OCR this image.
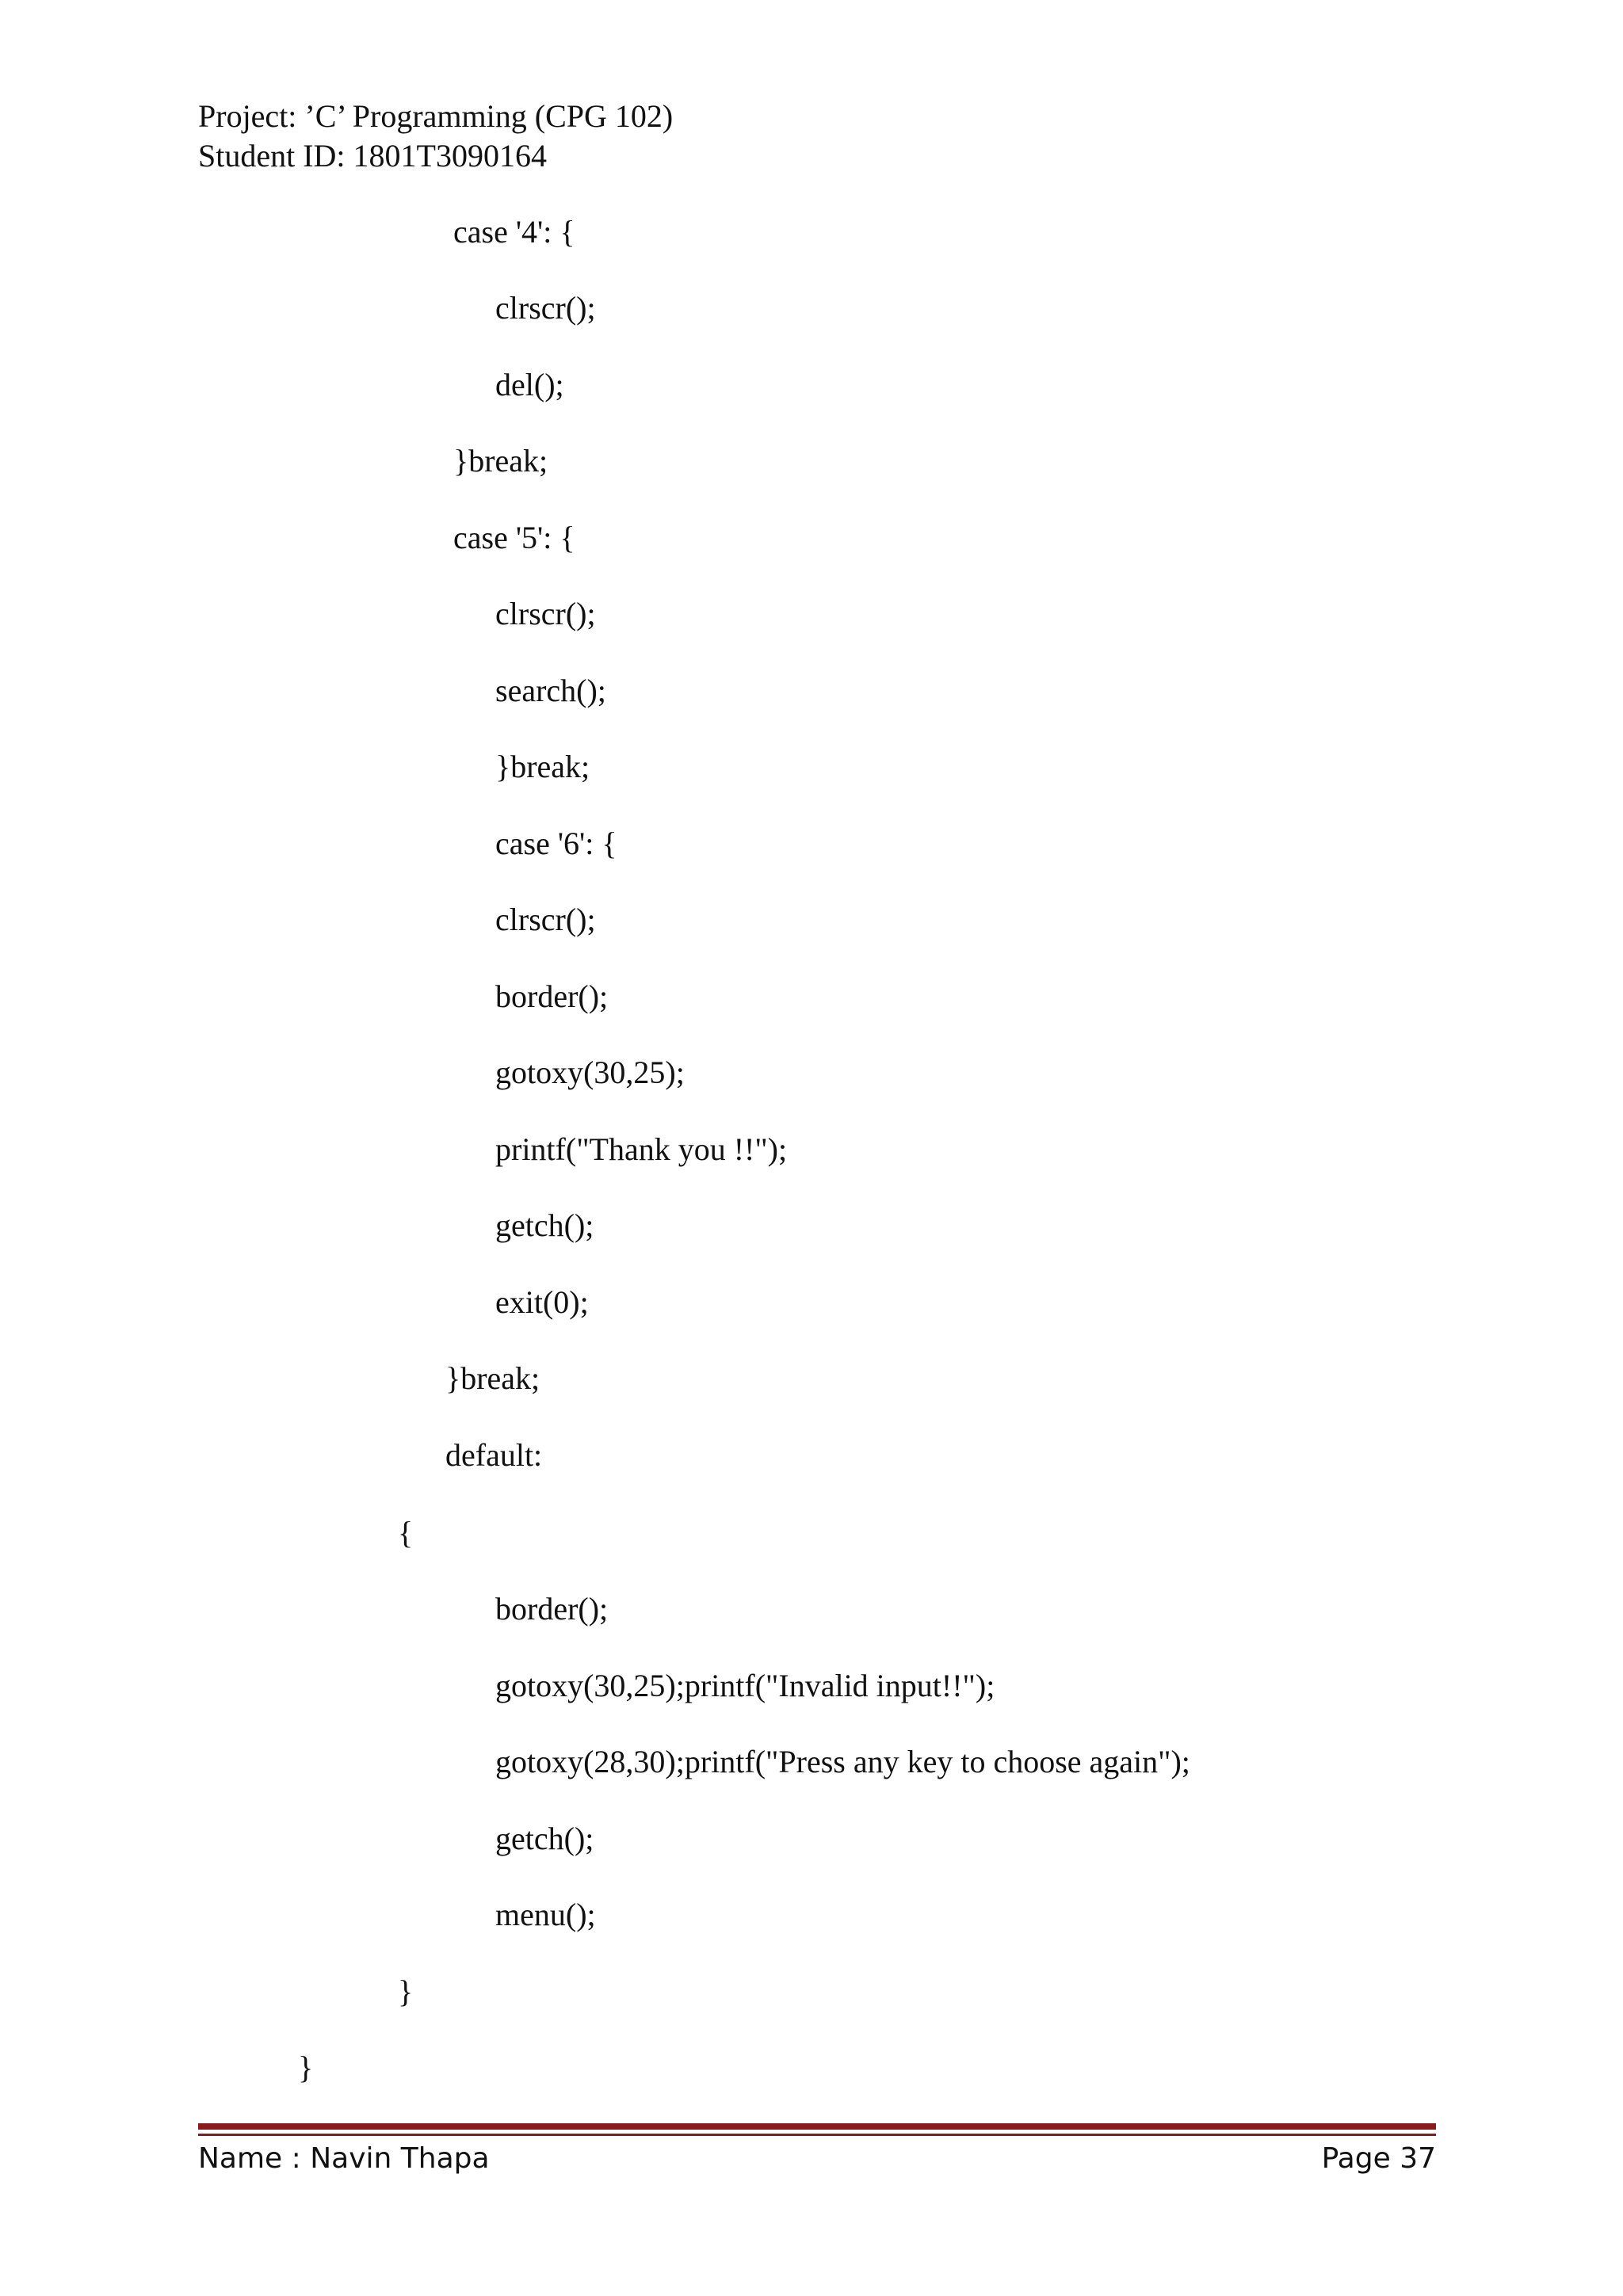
Project: ’C’ Programming (CPG 102)
Student ID: 1801T3090164
case '4': {
clrscr();
del();
}break;
case '5': {
clrscr();
search();
}break;
case '6': {
clrscr();
border();
gotoxy(30,25);
printf("Thank you !!");
getch();
exit(0);
}break;
default:
{
border();
gotoxy(30,25);printf("Invalid input!!");
gotoxy(28,30);printf("Press any key to choose again");
getch();
menu();
}
}
Name : Navin Thapa	Page 37
